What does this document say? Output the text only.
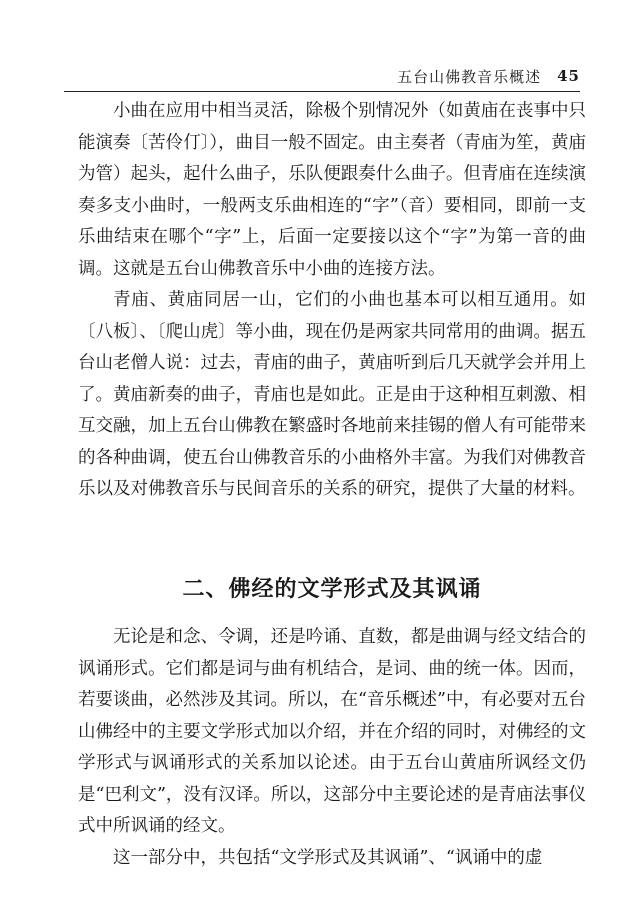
五台山佛教音乐概述 45

小曲在应用中相当灵活，除极个别情况外（如黄庙在丧事中只能演奏〔苦伶仃〕），曲目一般不固定。由主奏者（青庙为笙，黄庙为管）起头，起什么曲子，乐队便跟奏什么曲子。但青庙在连续演奏多支小曲时，一般两支乐曲相连的“字”（音）要相同，即前一支乐曲结束在哪个“字”上，后面一定要接以这个“字”为第一音的曲调。这就是五台山佛教音乐中小曲的连接方法。

青庙、黄庙同居一山，它们的小曲也基本可以相互通用。如〔八板〕、〔爬山虎〕等小曲，现在仍是两家共同常用的曲调。据五台山老僧人说：过去，青庙的曲子，黄庙听到后几天就学会并用上了。黄庙新奏的曲子，青庙也是如此。正是由于这种相互刺激、相互交融，加上五台山佛教在繁盛时各地前来挂锡的僧人有可能带来的各种曲调，使五台山佛教音乐的小曲格外丰富。为我们对佛教音乐以及对佛教音乐与民间音乐的关系的研究，提供了大量的材料。

二、佛经的文学形式及其讽诵

无论是和念、令调，还是吟诵、直数，都是曲调与经文结合的讽诵形式。它们都是词与曲有机结合，是词、曲的统一体。因而，若要谈曲，必然涉及其词。所以，在“音乐概述”中，有必要对五台山佛经中的主要文学形式加以介绍，并在介绍的同时，对佛经的文学形式与讽诵形式的关系加以论述。由于五台山黄庙所讽经文仍是“巴利文”，没有汉译。所以，这部分中主要论述的是青庙法事仪式中所讽诵的经文。

这一部分中，共包括“文学形式及其讽诵”、“讽诵中的虚
